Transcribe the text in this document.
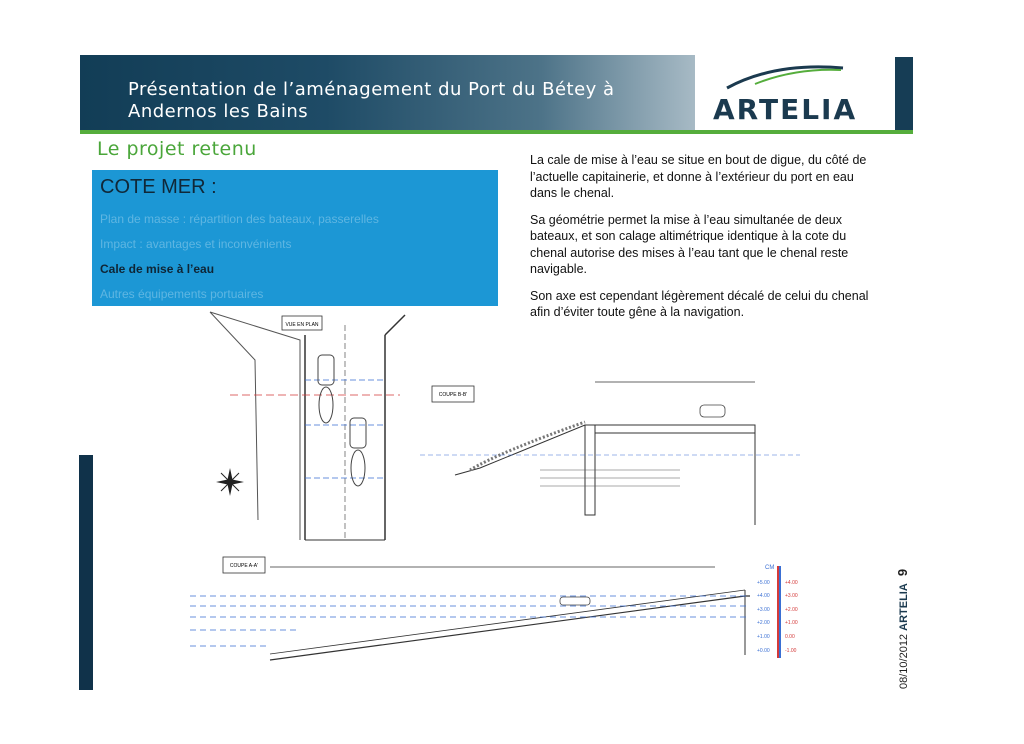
Présentation de l’aménagement du Port du Bétey à Andernos les Bains	ARTELIA
Le projet retenu
COTE MER :
Plan de masse : répartition des bateaux, passerelles
Impact : avantages et inconvénients
Cale de mise à l’eau
Autres équipements portuaires

La cale de mise à l’eau se situe en bout de digue, du côté de l’actuelle capitainerie, et donne à l’extérieur du port en eau dans le chenal.

Sa géométrie permet la mise à l’eau simultanée de deux bateaux, et son calage altimétrique identique à la cote du chenal autorise des mises à l’eau tant que le chenal reste navigable.

Son axe est cependant légèrement décalé de celui du chenal afin d’éviter toute gêne à la navigation.

VUE EN PLAN
COUPE B-B'
COUPE A-A'	CM
+5.00
+4.00
+3.00
+2.00
+1.00
+0.00
+4.00
+3.00
+2.00
+1.00
0.00
-1.00	08/10/2012 ARTELIA 9
